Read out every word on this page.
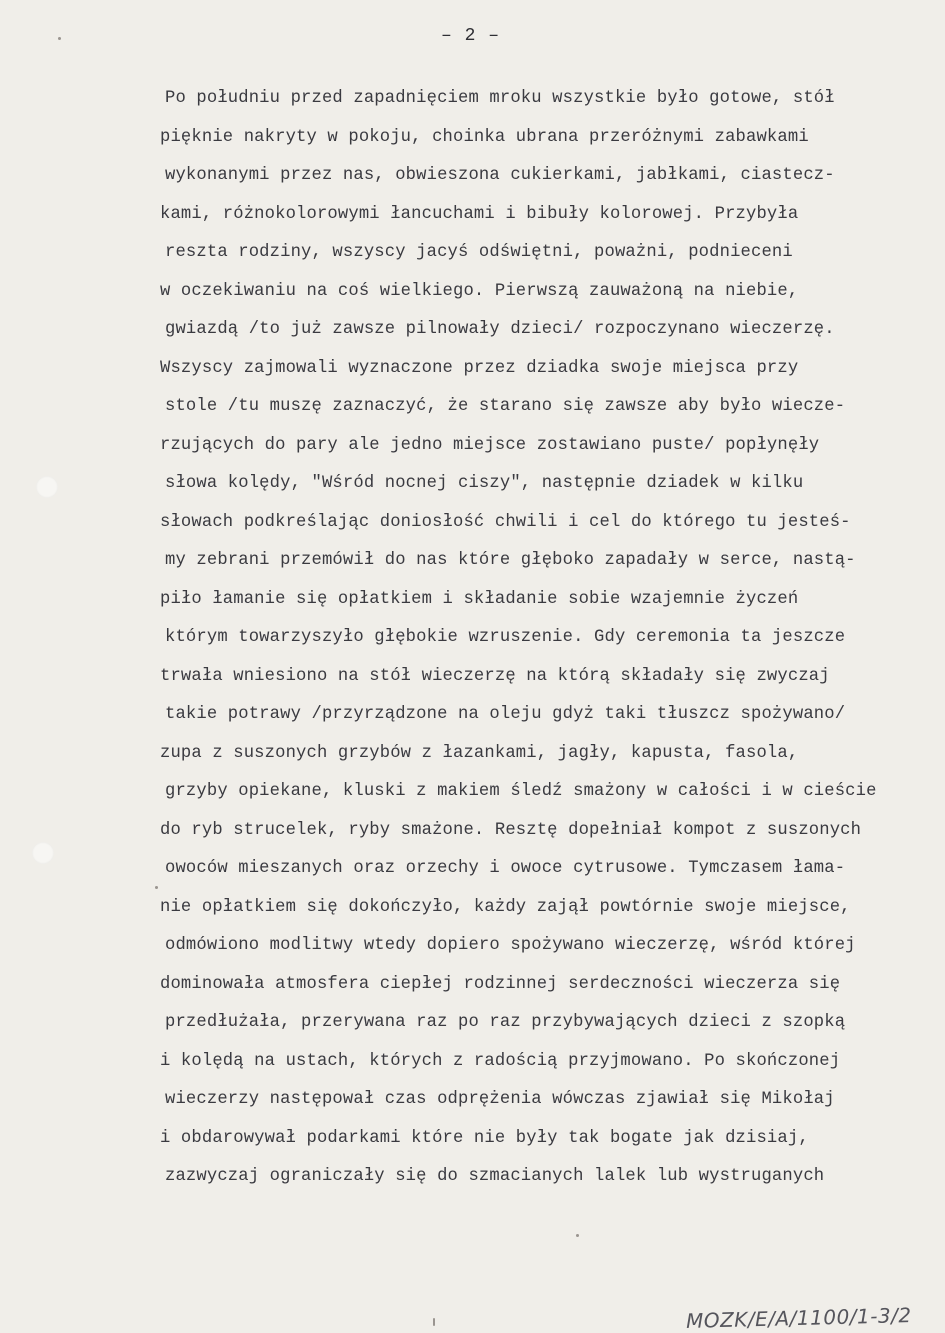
– 2 –
Po południu przed zapadnięciem mroku wszystkie było gotowe, stół
pięknie nakryty w pokoju, choinka ubrana przeróżnymi zabawkami
wykonanymi przez nas, obwieszona cukierkami, jabłkami, ciastecz-
kami, różnokolorowymi łancuchami i bibuły kolorowej. Przybyła
reszta rodziny, wszyscy jacyś odświętni, poważni, podnieceni
w oczekiwaniu na coś wielkiego. Pierwszą zauważoną na niebie,
gwiazdą /to już zawsze pilnowały dzieci/ rozpoczynano wieczerzę.
Wszyscy zajmowali wyznaczone przez dziadka swoje miejsca przy
stole /tu muszę zaznaczyć, że starano się zawsze aby było wiecze-
rzujących do pary ale jedno miejsce zostawiano puste/ popłynęły
słowa kolędy, "Wśród nocnej ciszy", następnie dziadek w kilku
słowach podkreślając doniosłość chwili i cel do którego tu jesteś-
my zebrani przemówił do nas które głęboko zapadały w serce, nastą-
piło łamanie się opłatkiem i składanie sobie wzajemnie życzeń
którym towarzyszyło głębokie wzruszenie. Gdy ceremonia ta jeszcze
trwała wniesiono na stół wieczerzę na którą składały się zwyczaj
takie potrawy /przyrządzone na oleju gdyż taki tłuszcz spożywano/
zupa z suszonych grzybów z łazankami, jagły, kapusta, fasola,
grzyby opiekane, kluski z makiem śledź smażony w całości i w cieście
do ryb strucelek, ryby smażone. Resztę dopełniał kompot z suszonych
owoców mieszanych oraz orzechy i owoce cytrusowe. Tymczasem łama-
nie opłatkiem się dokończyło, każdy zajął powtórnie swoje miejsce,
odmówiono modlitwy wtedy dopiero spożywano wieczerzę, wśród której
dominowała atmosfera ciepłej rodzinnej serdeczności wieczerza się
przedłużała, przerywana raz po raz przybywających dzieci z szopką
i kolędą na ustach, których z radością przyjmowano. Po skończonej
wieczerzy następował czas odprężenia wówczas zjawiał się Mikołaj
i obdarowywał podarkami które nie były tak bogate jak dzisiaj,
zazwyczaj ograniczały się do szmacianych lalek lub wystruganych
MOZK/E/A/1100/1-3/2
